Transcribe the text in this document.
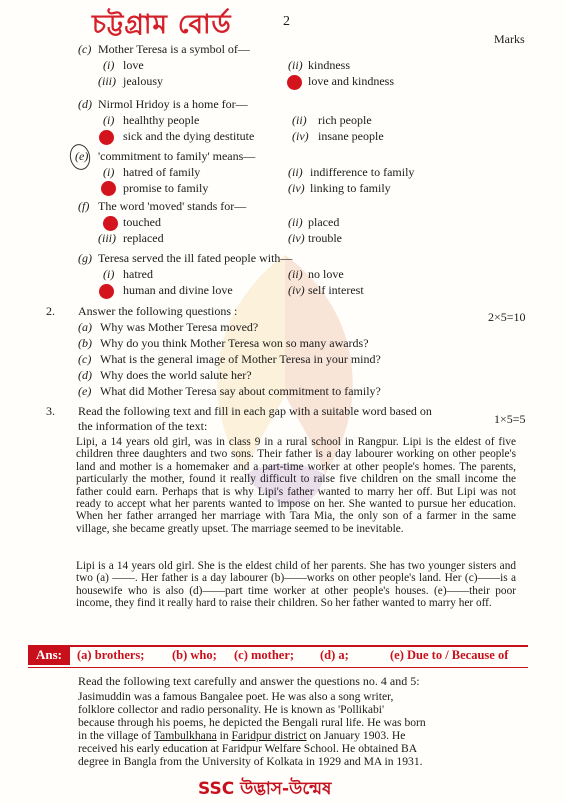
চট্টগ্রাম বোর্ড	2
Marks
(c) Mother Teresa is a symbol of—
(i) love	(ii) kindness
(iii) jealousy	love and kindness
(d) Nirmol Hridoy is a home for—
(i) healhthy people	(ii) rich people
sick and the dying destitute	(iv) insane people
(e) 'commitment to family' means—
(i) hatred of family	(ii) indifference to family
promise to family	(iv) linking to family
(f) The word 'moved' stands for—
touched	(ii) placed
(iii) replaced	(iv) trouble
(g) Teresa served the ill fated people with—
(i) hatred	(ii) no love
human and divine love	(iv) self interest
2. Answer the following questions :	2×5=10
(a) Why was Mother Teresa moved?
(b) Why do you think Mother Teresa won so many awards?
(c) What is the general image of Mother Teresa in your mind?
(d) Why does the world salute her?
(e) What did Mother Teresa say about commitment to family?
3. Read the following text and fill in each gap with a suitable word based on
the information of the text:	1×5=5
Lipi, a 14 years old girl, was in class 9 in a rural school in Rangpur. Lipi is the eldest of five children three daughters and two sons. Their father is a day labourer working on other people's land and mother is a homemaker and a part-time worker at other people's homes. The parents, particularly the mother, found it really difficult to raise five children on the small income the father could earn. Perhaps that is why Lipi's father wanted to marry her off. But Lipi was not ready to accept what her parents wanted to impose on her. She wanted to pursue her education. When her father arranged her marriage with Tara Mia, the only son of a farmer in the same village, she became greatly upset. The marriage seemed to be inevitable.
Lipi is a 14 years old girl. She is the eldest child of her parents. She has two younger sisters and two (a) ——. Her father is a day labourer (b)——works on other people's land. Her (c)——is a housewife who is also (d)——part time worker at other people's houses. (e)——their poor income, they find it really hard to raise their children. So her father wanted to marry her off.
Ans:	(a) brothers; (b) who; (c) mother; (d) a;	(e) Due to / Because of
Read the following text carefully and answer the questions no. 4 and 5:
Jasimuddin was a famous Bangalee poet. He was also a song writer,
folklore collector and radio personality. He is known as 'Pollikabi'
because through his poems, he depicted the Bengali rural life. He was born
in the village of Tambulkhana in Faridpur district on January 1903. He
received his early education at Faridpur Welfare School. He obtained BA
degree in Bangla from the University of Kolkata in 1929 and MA in 1931.
SSC উদ্ভাস-উন্মেষ
